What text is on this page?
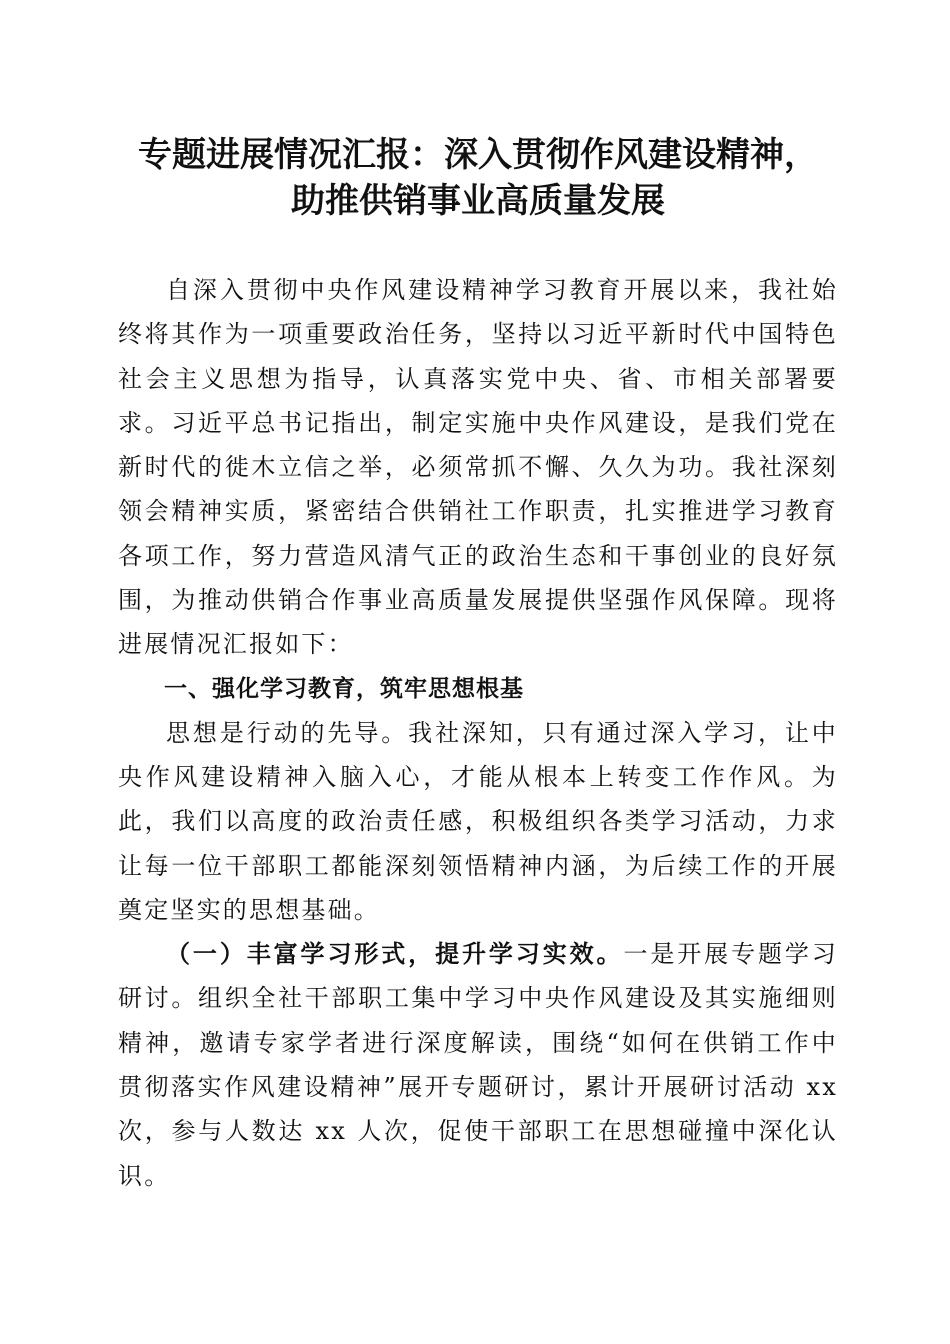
专题进展情况汇报：深入贯彻作风建设精神，
助推供销事业高质量发展

自深入贯彻中央作风建设精神学习教育开展以来，我社始终将其作为一项重要政治任务，坚持以习近平新时代中国特色社会主义思想为指导，认真落实党中央、省、市相关部署要求。习近平总书记指出，制定实施中央作风建设，是我们党在新时代的徙木立信之举，必须常抓不懈、久久为功。我社深刻领会精神实质，紧密结合供销社工作职责，扎实推进学习教育各项工作，努力营造风清气正的政治生态和干事创业的良好氛围，为推动供销合作事业高质量发展提供坚强作风保障。现将进展情况汇报如下：

一、强化学习教育，筑牢思想根基

思想是行动的先导。我社深知，只有通过深入学习，让中央作风建设精神入脑入心，才能从根本上转变工作作风。为此，我们以高度的政治责任感，积极组织各类学习活动，力求让每一位干部职工都能深刻领悟精神内涵，为后续工作的开展奠定坚实的思想基础。

（一）丰富学习形式，提升学习实效。一是开展专题学习研讨。组织全社干部职工集中学习中央作风建设及其实施细则精神，邀请专家学者进行深度解读，围绕“如何在供销工作中贯彻落实作风建设精神”展开专题研讨，累计开展研讨活动 xx 次，参与人数达 xx 人次，促使干部职工在思想碰撞中深化认识。
